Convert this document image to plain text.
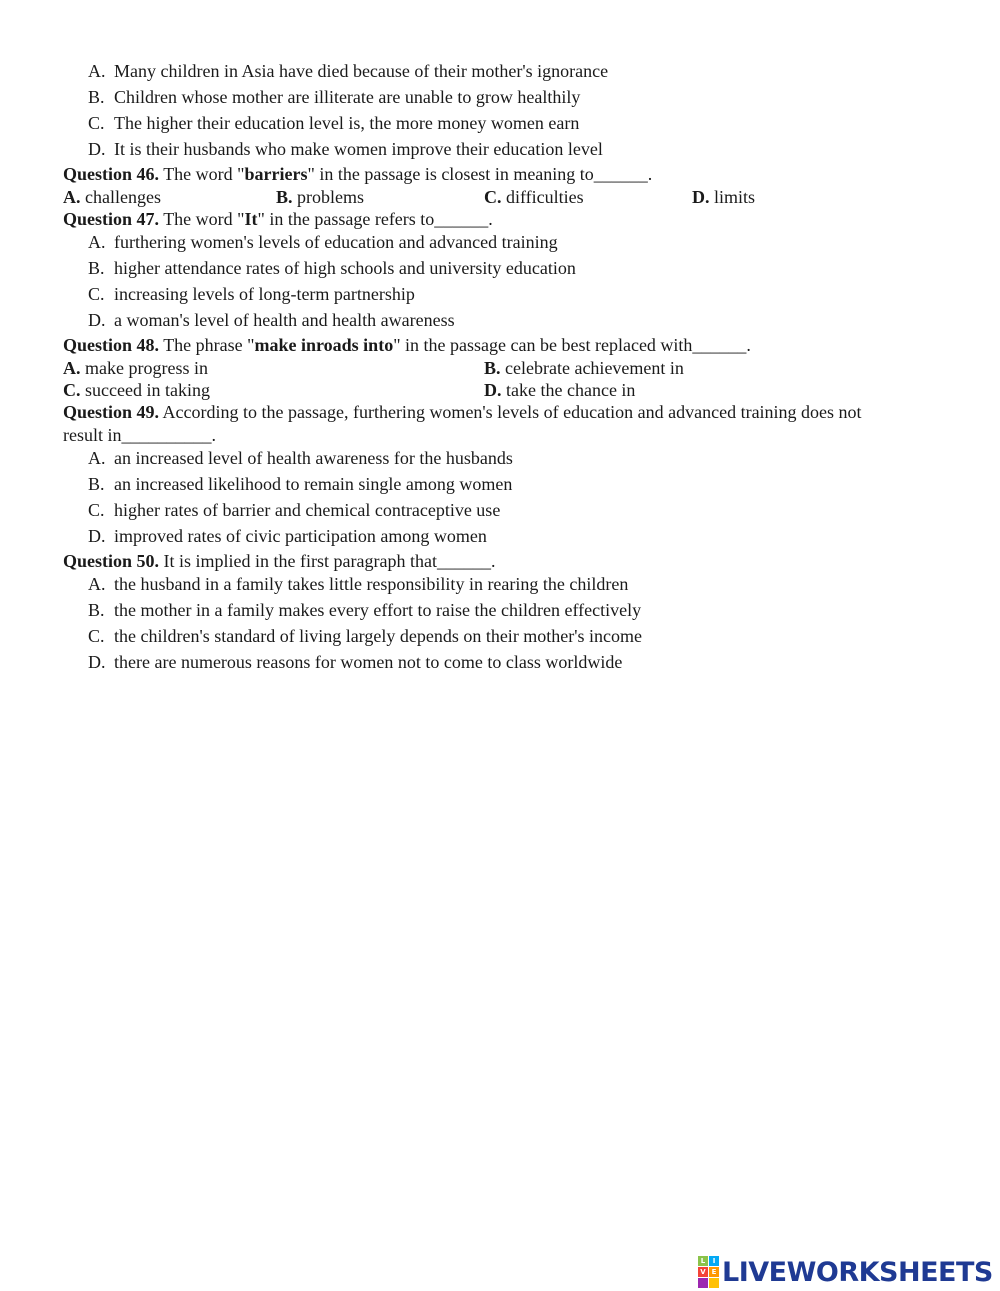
A. Many children in Asia have died because of their mother's ignorance
B. Children whose mother are illiterate are unable to grow healthily
C. The higher their education level is, the more money women earn
D. It is their husbands who make women improve their education level
Question 46. The word "barriers" in the passage is closest in meaning to______.
A. challenges	B. problems	C. difficulties	D. limits
Question 47. The word "It" in the passage refers to______.
A. furthering women's levels of education and advanced training
B. higher attendance rates of high schools and university education
C. increasing levels of long-term partnership
D. a woman's level of health and health awareness
Question 48. The phrase "make inroads into" in the passage can be best replaced with______.
A. make progress in	B. celebrate achievement in
C. succeed in taking	D. take the chance in
Question 49. According to the passage, furthering women's levels of education and advanced training does not
result in__________.
A. an increased level of health awareness for the husbands
B. an increased likelihood to remain single among women
C. higher rates of barrier and chemical contraceptive use
D. improved rates of civic participation among women
Question 50. It is implied in the first paragraph that______.
A. the husband in a family takes little responsibility in rearing the children
B. the mother in a family makes every effort to raise the children effectively
C. the children's standard of living largely depends on their mother's income
D. there are numerous reasons for women not to come to class worldwide
L	I
V E LIVEWORKSHEETS
